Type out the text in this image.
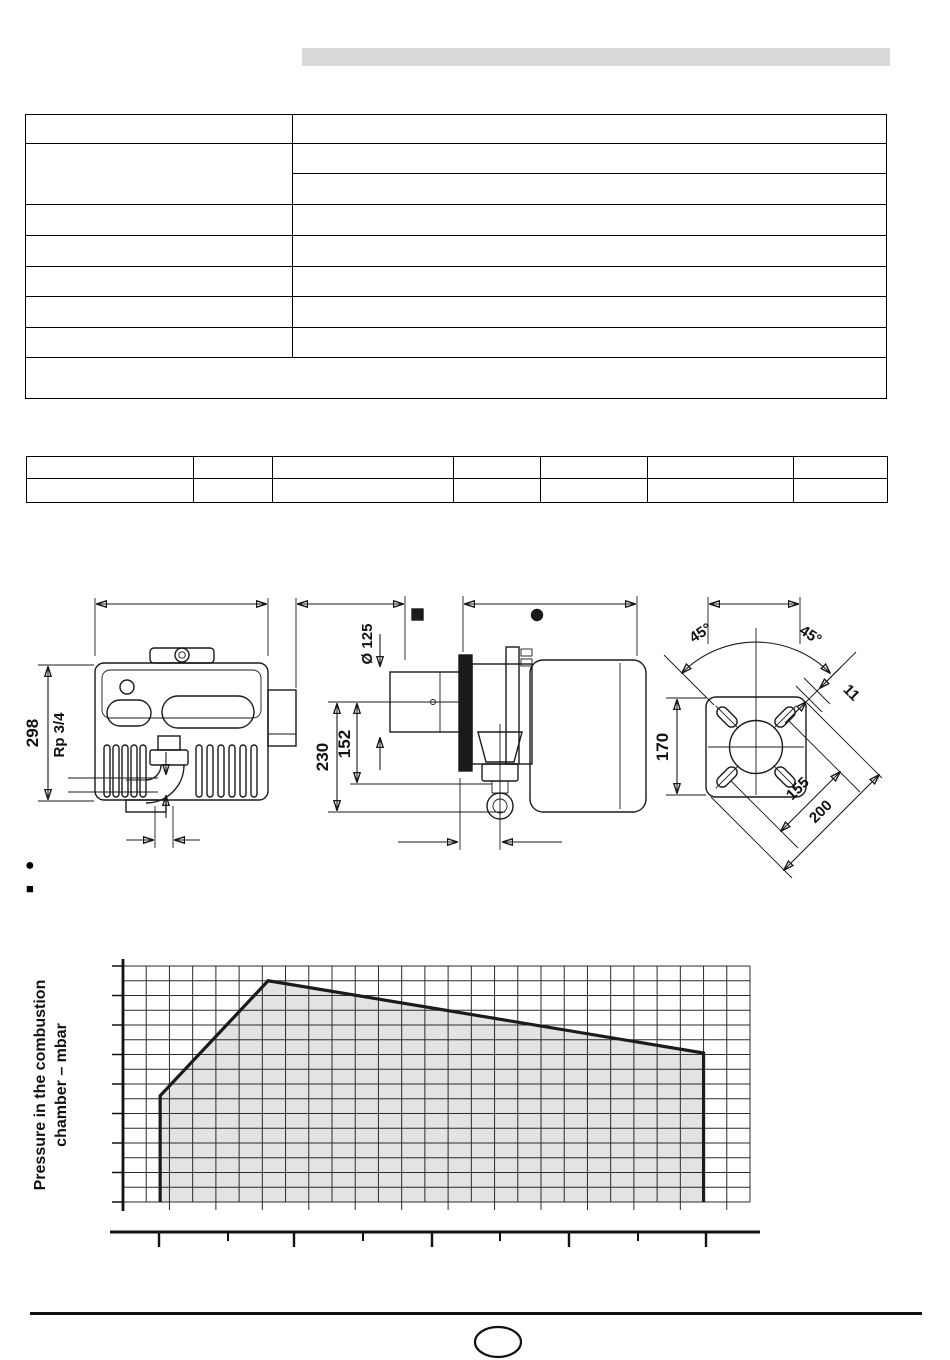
298 Rp 3/4
Ø 125
230 152
45°	45°
11
170
155
200
●
■
Pressure in the combustion chamber – mbar
